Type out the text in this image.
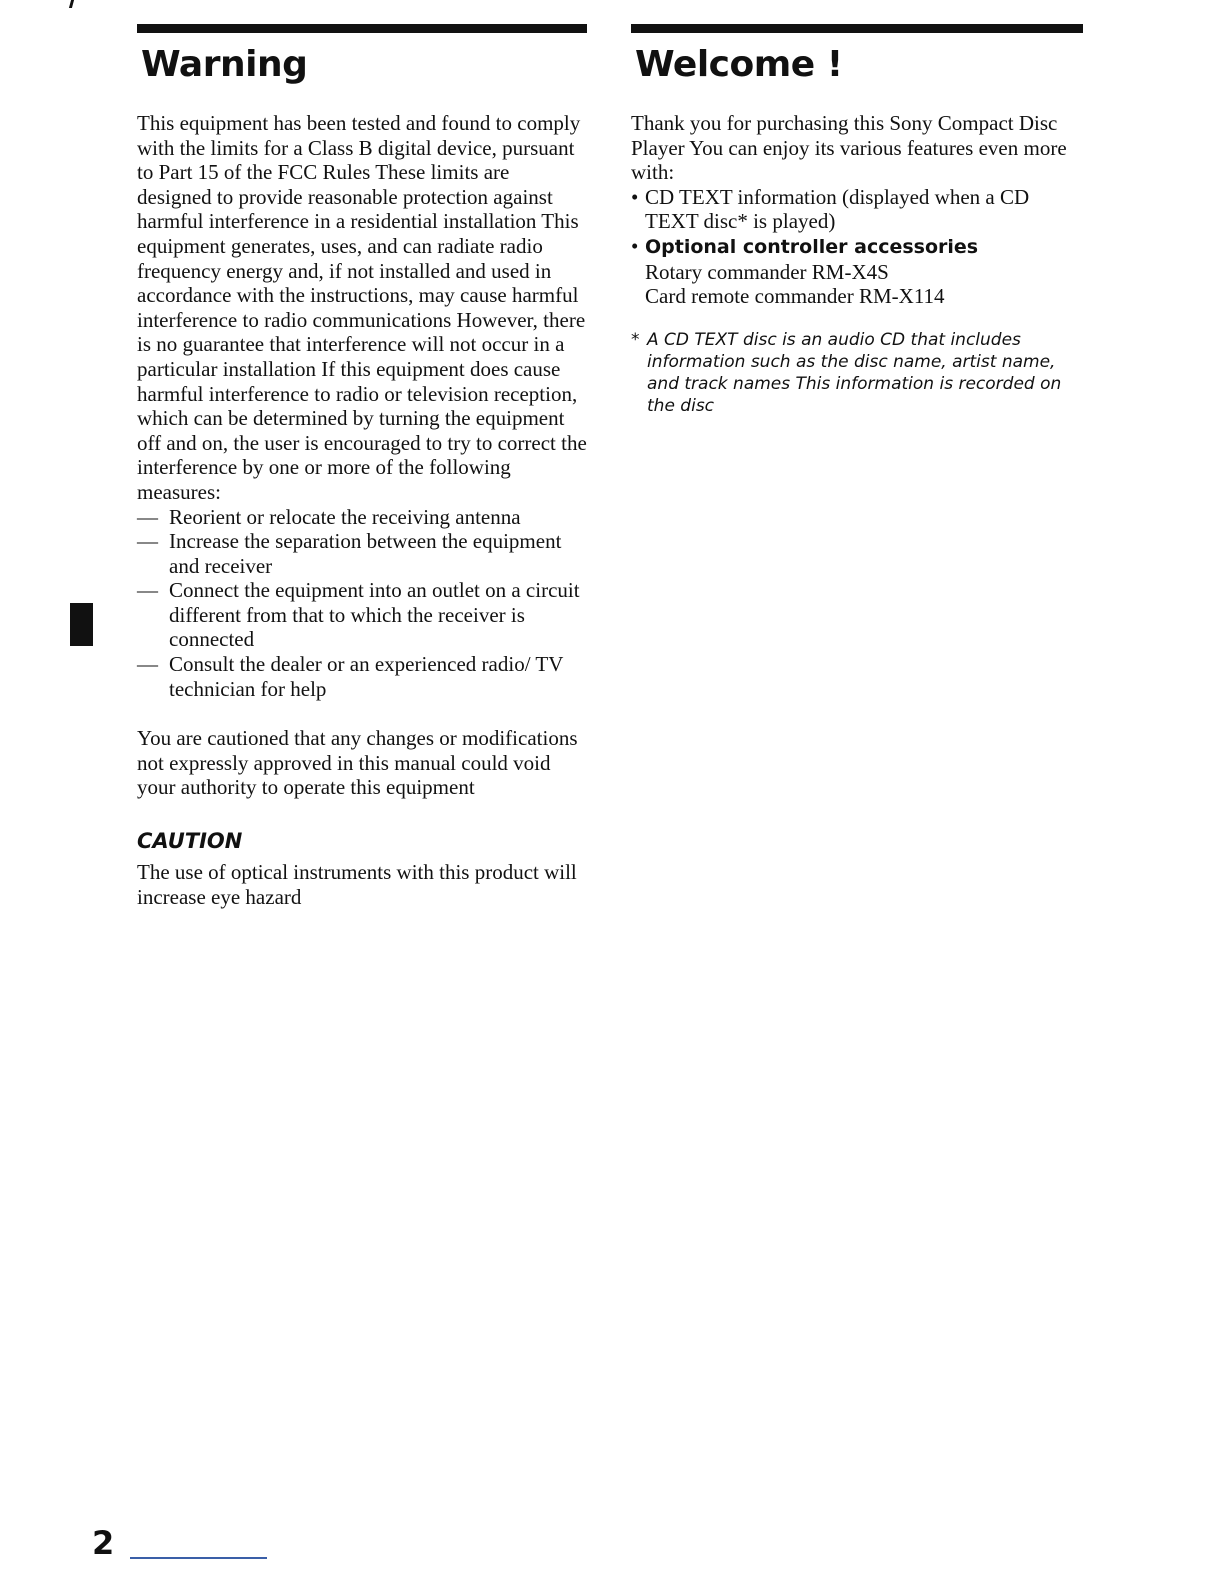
Warning

This equipment has been tested and found to comply with the limits for a Class B digital device, pursuant to Part 15 of the FCC Rules These limits are designed to provide reasonable protection against harmful interference in a residential installation This equipment generates, uses, and can radiate radio frequency energy and, if not installed and used in accordance with the instructions, may cause harmful interference to radio communications However, there is no guarantee that interference will not occur in a particular installation If this equipment does cause harmful interference to radio or television reception, which can be determined by turning the equipment off and on, the user is encouraged to try to correct the interference by one or more of the following measures:

— Reorient or relocate the receiving antenna
— Increase the separation between the equipment and receiver
— Connect the equipment into an outlet on a circuit different from that to which the receiver is connected
— Consult the dealer or an experienced radio/ TV technician for help

You are cautioned that any changes or modifications not expressly approved in this manual could void your authority to operate this equipment

CAUTION

The use of optical instruments with this product will increase eye hazard

Welcome !

Thank you for purchasing this Sony Compact Disc Player You can enjoy its various features even more with:

• CD TEXT information (displayed when a CD TEXT disc* is played)
• Optional controller accessories
Rotary commander RM-X4S
Card remote commander RM-X114

* A CD TEXT disc is an audio CD that includes information such as the disc name, artist name, and track names This information is recorded on the disc

2
